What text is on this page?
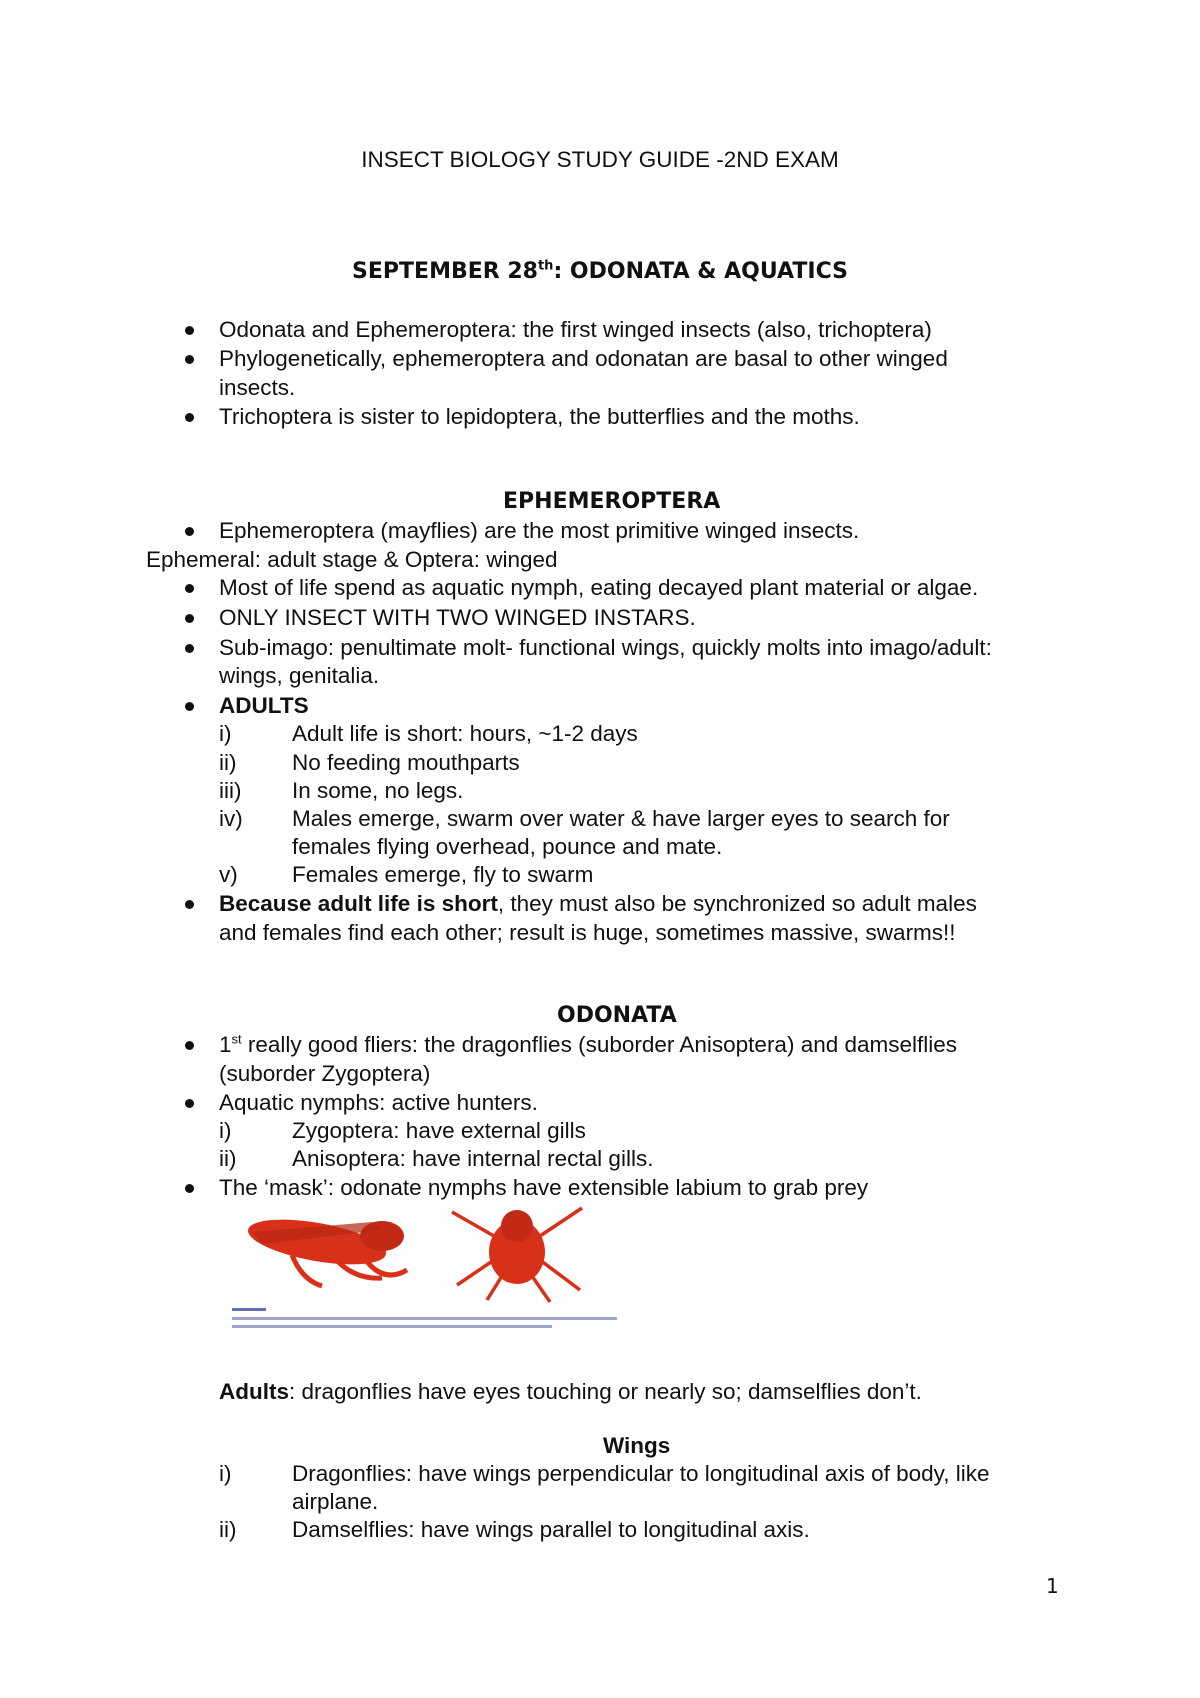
INSECT BIOLOGY STUDY GUIDE -2ND EXAM
SEPTEMBER 28th: ODONATA & AQUATICS
Odonata and Ephemeroptera: the first winged insects (also, trichoptera)
Phylogenetically, ephemeroptera and odonatan are basal to other winged
insects.
Trichoptera is sister to lepidoptera, the butterflies and the moths.
EPHEMEROPTERA
Ephemeroptera (mayflies) are the most primitive winged insects.
Ephemeral: adult stage & Optera: winged
Most of life spend as aquatic nymph, eating decayed plant material or algae.
ONLY INSECT WITH TWO WINGED INSTARS.
Sub-imago: penultimate molt- functional wings, quickly molts into imago/adult:
wings, genitalia.
ADULTS
i)	Adult life is short: hours, ~1-2 days
ii) No feeding mouthparts
iii) In some, no legs.
iv) Males emerge, swarm over water & have larger eyes to search for
females flying overhead, pounce and mate.
v) Females emerge, fly to swarm
Because adult life is short, they must also be synchronized so adult males
and females find each other; result is huge, sometimes massive, swarms!!
ODONATA
1st really good fliers: the dragonflies (suborder Anisoptera) and damselflies
(suborder Zygoptera)
Aquatic nymphs: active hunters.
i)	Zygoptera: have external gills
ii) Anisoptera: have internal rectal gills.
The ‘mask’: odonate nymphs have extensible labium to grab prey
Adults: dragonflies have eyes touching or nearly so; damselflies don’t.
Wings
i)	Dragonflies: have wings perpendicular to longitudinal axis of body, like
airplane.
ii) Damselflies: have wings parallel to longitudinal axis.
1
